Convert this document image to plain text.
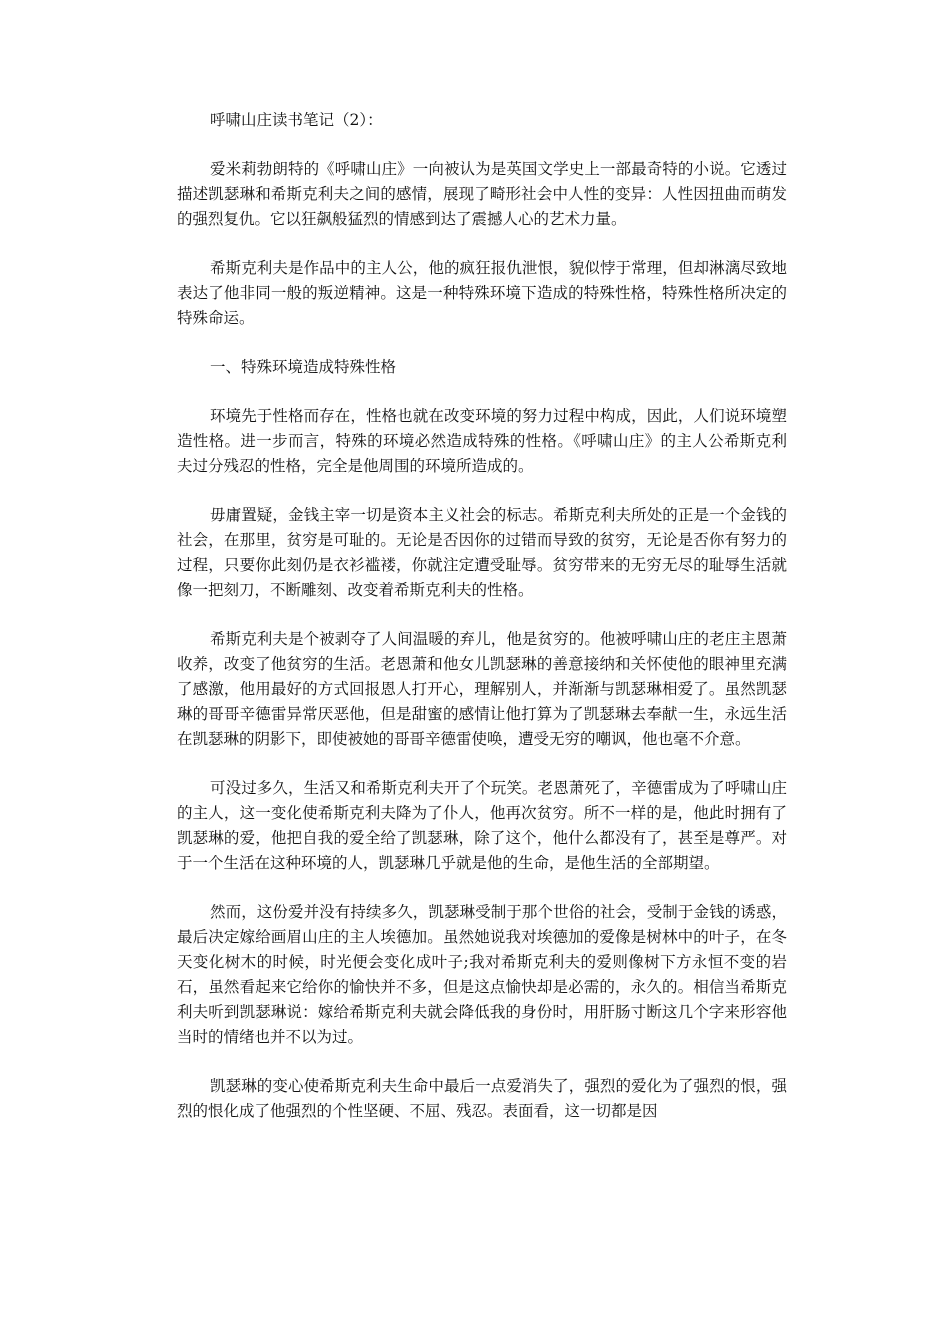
呼啸山庄读书笔记（2）：

爱米莉勃朗特的《呼啸山庄》一向被认为是英国文学史上一部最奇特的小说。它透过描述凯瑟琳和希斯克利夫之间的感情，展现了畸形社会中人性的变异：人性因扭曲而萌发的强烈复仇。它以狂飙般猛烈的情感到达了震撼人心的艺术力量。

希斯克利夫是作品中的主人公，他的疯狂报仇泄恨，貌似悖于常理，但却淋漓尽致地表达了他非同一般的叛逆精神。这是一种特殊环境下造成的特殊性格，特殊性格所决定的特殊命运。

一、特殊环境造成特殊性格

环境先于性格而存在，性格也就在改变环境的努力过程中构成，因此，人们说环境塑造性格。进一步而言，特殊的环境必然造成特殊的性格。《呼啸山庄》的主人公希斯克利夫过分残忍的性格，完全是他周围的环境所造成的。

毋庸置疑，金钱主宰一切是资本主义社会的标志。希斯克利夫所处的正是一个金钱的社会，在那里，贫穷是可耻的。无论是否因你的过错而导致的贫穷，无论是否你有努力的过程，只要你此刻仍是衣衫褴褛，你就注定遭受耻辱。贫穷带来的无穷无尽的耻辱生活就像一把刻刀，不断雕刻、改变着希斯克利夫的性格。

希斯克利夫是个被剥夺了人间温暖的弃儿，他是贫穷的。他被呼啸山庄的老庄主恩萧收养，改变了他贫穷的生活。老恩萧和他女儿凯瑟琳的善意接纳和关怀使他的眼神里充满了感激，他用最好的方式回报恩人打开心，理解别人，并渐渐与凯瑟琳相爱了。虽然凯瑟琳的哥哥辛德雷异常厌恶他，但是甜蜜的感情让他打算为了凯瑟琳去奉献一生，永远生活在凯瑟琳的阴影下，即使被她的哥哥辛德雷使唤，遭受无穷的嘲讽，他也毫不介意。

可没过多久，生活又和希斯克利夫开了个玩笑。老恩萧死了，辛德雷成为了呼啸山庄的主人，这一变化使希斯克利夫降为了仆人，他再次贫穷。所不一样的是，他此时拥有了凯瑟琳的爱，他把自我的爱全给了凯瑟琳，除了这个，他什么都没有了，甚至是尊严。对于一个生活在这种环境的人，凯瑟琳几乎就是他的生命，是他生活的全部期望。

然而，这份爱并没有持续多久，凯瑟琳受制于那个世俗的社会，受制于金钱的诱惑，最后决定嫁给画眉山庄的主人埃德加。虽然她说我对埃德加的爱像是树林中的叶子，在冬天变化树木的时候，时光便会变化成叶子;我对希斯克利夫的爱则像树下方永恒不变的岩石，虽然看起来它给你的愉快并不多，但是这点愉快却是必需的，永久的。相信当希斯克利夫听到凯瑟琳说：嫁给希斯克利夫就会降低我的身份时，用肝肠寸断这几个字来形容他当时的情绪也并不以为过。

凯瑟琳的变心使希斯克利夫生命中最后一点爱消失了，强烈的爱化为了强烈的恨，强烈的恨化成了他强烈的个性坚硬、不屈、残忍。表面看，这一切都是因
